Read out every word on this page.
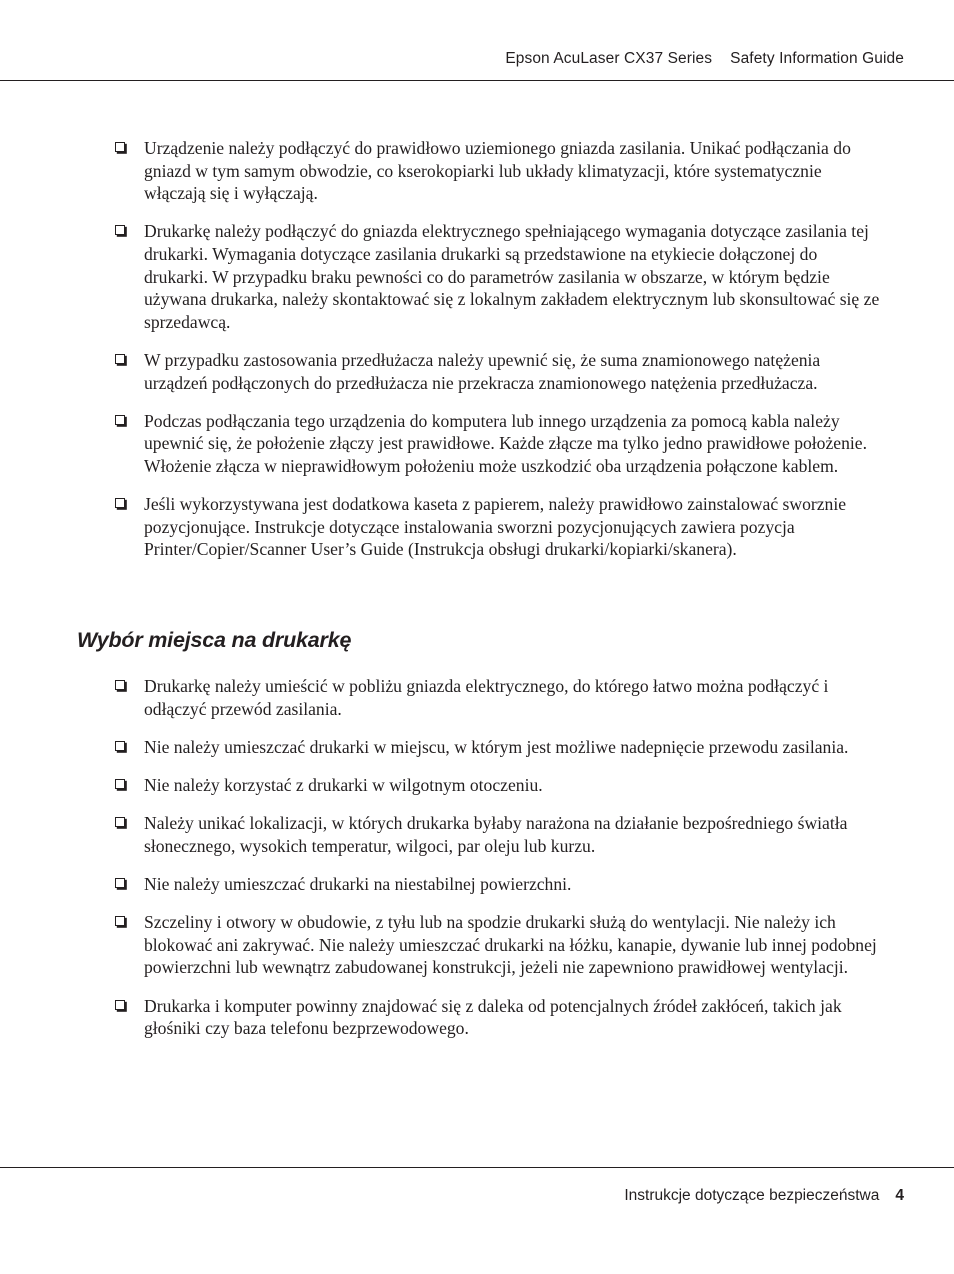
Epson AcuLaser CX37 Series Safety Information Guide
Urządzenie należy podłączyć do prawidłowo uziemionego gniazda zasilania. Unikać podłączania do gniazd w tym samym obwodzie, co kserokopiarki lub układy klimatyzacji, które systematycznie włączają się i wyłączają.
Drukarkę należy podłączyć do gniazda elektrycznego spełniającego wymagania dotyczące zasilania tej drukarki. Wymagania dotyczące zasilania drukarki są przedstawione na etykiecie dołączonej do drukarki. W przypadku braku pewności co do parametrów zasilania w obszarze, w którym będzie używana drukarka, należy skontaktować się z lokalnym zakładem elektrycznym lub skonsultować się ze sprzedawcą.
W przypadku zastosowania przedłużacza należy upewnić się, że suma znamionowego natężenia urządzeń podłączonych do przedłużacza nie przekracza znamionowego natężenia przedłużacza.
Podczas podłączania tego urządzenia do komputera lub innego urządzenia za pomocą kabla należy upewnić się, że położenie złączy jest prawidłowe. Każde złącze ma tylko jedno prawidłowe położenie. Włożenie złącza w nieprawidłowym położeniu może uszkodzić oba urządzenia połączone kablem.
Jeśli wykorzystywana jest dodatkowa kaseta z papierem, należy prawidłowo zainstalować sworznie pozycjonujące. Instrukcje dotyczące instalowania sworzni pozycjonujących zawiera pozycja Printer/Copier/Scanner User’s Guide (Instrukcja obsługi drukarki/kopiarki/skanera).
Wybór miejsca na drukarkę
Drukarkę należy umieścić w pobliżu gniazda elektrycznego, do którego łatwo można podłączyć i odłączyć przewód zasilania.
Nie należy umieszczać drukarki w miejscu, w którym jest możliwe nadepnięcie przewodu zasilania.
Nie należy korzystać z drukarki w wilgotnym otoczeniu.
Należy unikać lokalizacji, w których drukarka byłaby narażona na działanie bezpośredniego światła słonecznego, wysokich temperatur, wilgoci, par oleju lub kurzu.
Nie należy umieszczać drukarki na niestabilnej powierzchni.
Szczeliny i otwory w obudowie, z tyłu lub na spodzie drukarki służą do wentylacji. Nie należy ich blokować ani zakrywać. Nie należy umieszczać drukarki na łóżku, kanapie, dywanie lub innej podobnej powierzchni lub wewnątrz zabudowanej konstrukcji, jeżeli nie zapewniono prawidłowej wentylacji.
Drukarka i komputer powinny znajdować się z daleka od potencjalnych źródeł zakłóceń, takich jak głośniki czy baza telefonu bezprzewodowego.
Instrukcje dotyczące bezpieczeństwa 4
